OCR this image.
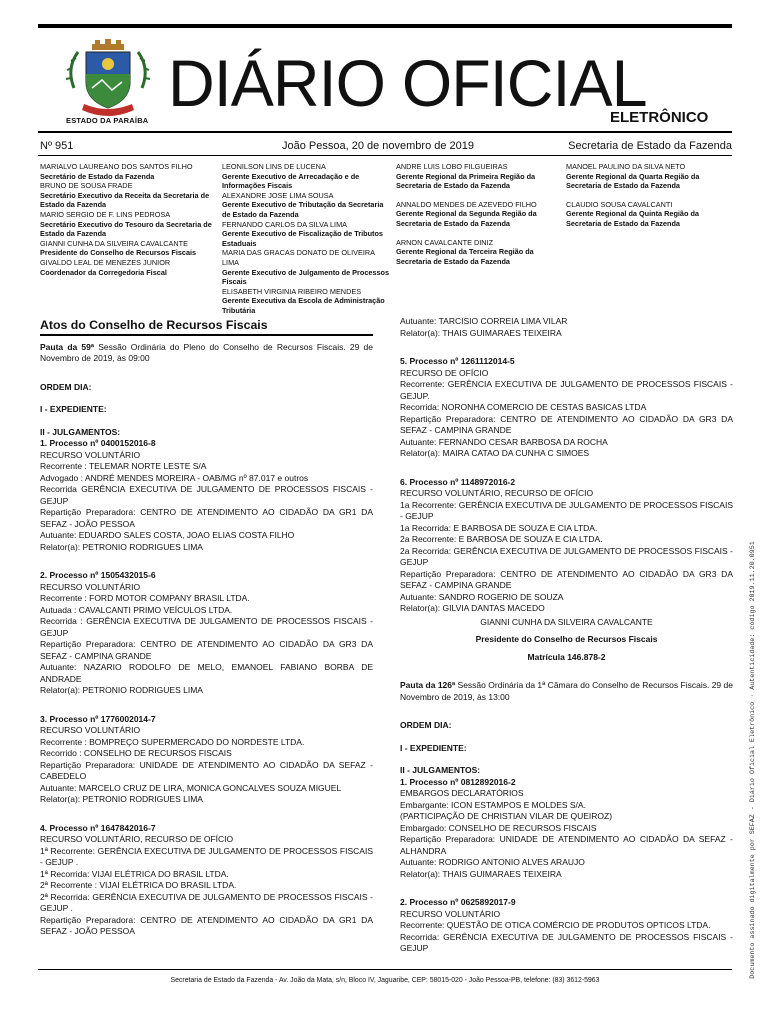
ESTADO DA PARAÍBA
DIÁRIO OFICIAL
ELETRÔNICO
Nº 951	João Pessoa, 20 de novembro de 2019	Secretaria de Estado da Fazenda
MARIALVO LAUREANO DOS SANTOS FILHO
Secretário de Estado da Fazenda
BRUNO DE SOUSA FRADE
Secretário Executivo da Receita da Secretaria de Estado da Fazenda
MARIO SERGIO DE F. LINS PEDROSA
Secretário Executivo do Tesouro da Secretaria de Estado da Fazenda
GIANNI CUNHA DA SILVEIRA CAVALCANTE
Presidente do Conselho de Recursos Fiscais
GIVALDO LEAL DE MENEZES JUNIOR
Coordenador da Corregedoria Fiscal
LEONILSON LINS DE LUCENA
Gerente Executivo de Arrecadação e de Informações Fiscais
ALEXANDRE JOSE LIMA SOUSA
Gerente Executivo de Tributação da Secretaria de Estado da Fazenda
FERNANDO CARLOS DA SILVA LIMA
Gerente Executivo de Fiscalização de Tributos Estaduais
MARIA DAS GRACAS DONATO DE OLIVEIRA LIMA
Gerente Executivo de Julgamento de Processos Fiscais
ELISABETH VIRGINIA RIBEIRO MENDES
Gerente Executiva da Escola de Administração Tributária
ANDRE LUIS LOBO FILGUEIRAS
Gerente Regional da Primeira Região da Secretaria de Estado da Fazenda
ANNALDO MENDES DE AZEVEDO FILHO
Gerente Regional da Segunda Região da Secretaria de Estado da Fazenda
ARNON CAVALCANTE DINIZ
Gerente Regional da Terceira Região da Secretaria de Estado da Fazenda
MANOEL PAULINO DA SILVA NETO
Gerente Regional da Quarta Região da Secretaria de Estado da Fazenda
CLAUDIO SOUSA CAVALCANTI
Gerente Regional da Quinta Região da Secretaria de Estado da Fazenda
Atos do Conselho de Recursos Fiscais

Pauta da 59ª Sessão Ordinária do Pleno do Conselho de Recursos Fiscais. 29 de Novembro de 2019, às 09:00

ORDEM DIA:

I - EXPEDIENTE:

II - JULGAMENTOS:

1. Processo nº 0400152016-8

RECURSO VOLUNTÁRIO

Recorrente : TELEMAR NORTE LESTE S/A

Advogado : ANDRÉ MENDES MOREIRA - OAB/MG nº 87.017 e outros

Recorrida GERÊNCIA EXECUTIVA DE JULGAMENTO DE PROCESSOS FISCAIS - GEJUP

Repartição Preparadora: CENTRO DE ATENDIMENTO AO CIDADÃO DA GR1 DA SEFAZ - JOÃO PESSOA

Autuante: EDUARDO SALES COSTA, JOAO ELIAS COSTA FILHO

Relator(a): PETRONIO RODRIGUES LIMA

2. Processo nº 1505432015-6

RECURSO VOLUNTÁRIO

Recorrente : FORD MOTOR COMPANY BRASIL LTDA.

Autuada : CAVALCANTI PRIMO VEÍCULOS LTDA.

Recorrida : GERÊNCIA EXECUTIVA DE JULGAMENTO DE PROCESSOS FISCAIS - GEJUP

Repartição Preparadora: CENTRO DE ATENDIMENTO AO CIDADÃO DA GR3 DA SEFAZ - CAMPINA GRANDE

Autuante: NAZARIO RODOLFO DE MELO, EMANOEL FABIANO BORBA DE ANDRADE

Relator(a): PETRONIO RODRIGUES LIMA

3. Processo nº 1776002014-7

RECURSO VOLUNTÁRIO

Recorrente : BOMPREÇO SUPERMERCADO DO NORDESTE LTDA.

Recorrido : CONSELHO DE RECURSOS FISCAIS

Repartição Preparadora: UNIDADE DE ATENDIMENTO AO CIDADÃO DA SEFAZ - CABEDELO

Autuante: MARCELO CRUZ DE LIRA, MONICA GONCALVES SOUZA MIGUEL

Relator(a): PETRONIO RODRIGUES LIMA

4. Processo nº 1647842016-7

RECURSO VOLUNTÁRIO, RECURSO DE OFÍCIO

1ª Recorrente: GERÊNCIA EXECUTIVA DE JULGAMENTO DE PROCESSOS FISCAIS - GEJUP .

1ª Recorrida: VIJAI ELÉTRICA DO BRASIL LTDA.

2ª Recorrente : VIJAI ELÉTRICA DO BRASIL LTDA.

2ª Recorrida: GERÊNCIA EXECUTIVA DE JULGAMENTO DE PROCESSOS FISCAIS - GEJUP .

Repartição Preparadora: CENTRO DE ATENDIMENTO AO CIDADÃO DA GR1 DA SEFAZ - JOÃO PESSOA

Autuante: TARCISIO CORREIA LIMA VILAR

Relator(a): THAIS GUIMARAES TEIXEIRA

5. Processo nº 1261112014-5

RECURSO DE OFÍCIO

Recorrente: GERÊNCIA EXECUTIVA DE JULGAMENTO DE PROCESSOS FISCAIS - GEJUP.

Recorrida: NORONHA COMERCIO DE CESTAS BASICAS LTDA

Repartição Preparadora: CENTRO DE ATENDIMENTO AO CIDADÃO DA GR3 DA SEFAZ - CAMPINA GRANDE

Autuante: FERNANDO CESAR BARBOSA DA ROCHA

Relator(a): MAIRA CATAO DA CUNHA C SIMOES

6. Processo nº 1148972016-2

RECURSO VOLUNTÁRIO, RECURSO DE OFÍCIO

1a Recorrente: GERÊNCIA EXECUTIVA DE JULGAMENTO DE PROCESSOS FISCAIS - GEJUP

1a Recorrida: E BARBOSA DE SOUZA E CIA LTDA.

2a Recorrente: E BARBOSA DE SOUZA E CIA LTDA.

2a Recorrida: GERÊNCIA EXECUTIVA DE JULGAMENTO DE PROCESSOS FISCAIS - GEJUP

Repartição Preparadora: CENTRO DE ATENDIMENTO AO CIDADÃO DA GR3 DA SEFAZ - CAMPINA GRANDE

Autuante: SANDRO ROGERIO DE SOUZA

Relator(a): GILVIA DANTAS MACEDO

GIANNI CUNHA DA SILVEIRA CAVALCANTE

Presidente do Conselho de Recursos Fiscais

Matrícula 146.878-2

Pauta da 126ª Sessão Ordinária da 1ª Câmara do Conselho de Recursos Fiscais. 29 de Novembro de 2019, às 13:00

ORDEM DIA:

I - EXPEDIENTE:

II - JULGAMENTOS:

1. Processo nº 0812892016-2

EMBARGOS DECLARATÓRIOS

Embargante: ICON ESTAMPOS E MOLDES S/A.

(PARTICIPAÇÃO DE CHRISTIAN VILAR DE QUEIROZ)

Embargado: CONSELHO DE RECURSOS FISCAIS

Repartição Preparadora: UNIDADE DE ATENDIMENTO AO CIDADÃO DA SEFAZ - ALHANDRA

Autuante: RODRIGO ANTONIO ALVES ARAUJO

Relator(a): THAIS GUIMARAES TEIXEIRA

2. Processo nº 0625892017-9

RECURSO VOLUNTÁRIO

Recorrente: QUESTÃO DE OTICA COMÉRCIO DE PRODUTOS OPTICOS LTDA.

Recorrida: GERÊNCIA EXECUTIVA DE JULGAMENTO DE PROCESSOS FISCAIS - GEJUP	Documento assinado digitalmente por SEFAZ - Diário Oficial Eletrônico · Autenticidade: código 2019.11.20.0951
Secretaria de Estado da Fazenda - Av. João da Mata, s/n, Bloco IV, Jaguaribe, CEP: 58015-020 - João Pessoa-PB, telefone: (83) 3612-5963
